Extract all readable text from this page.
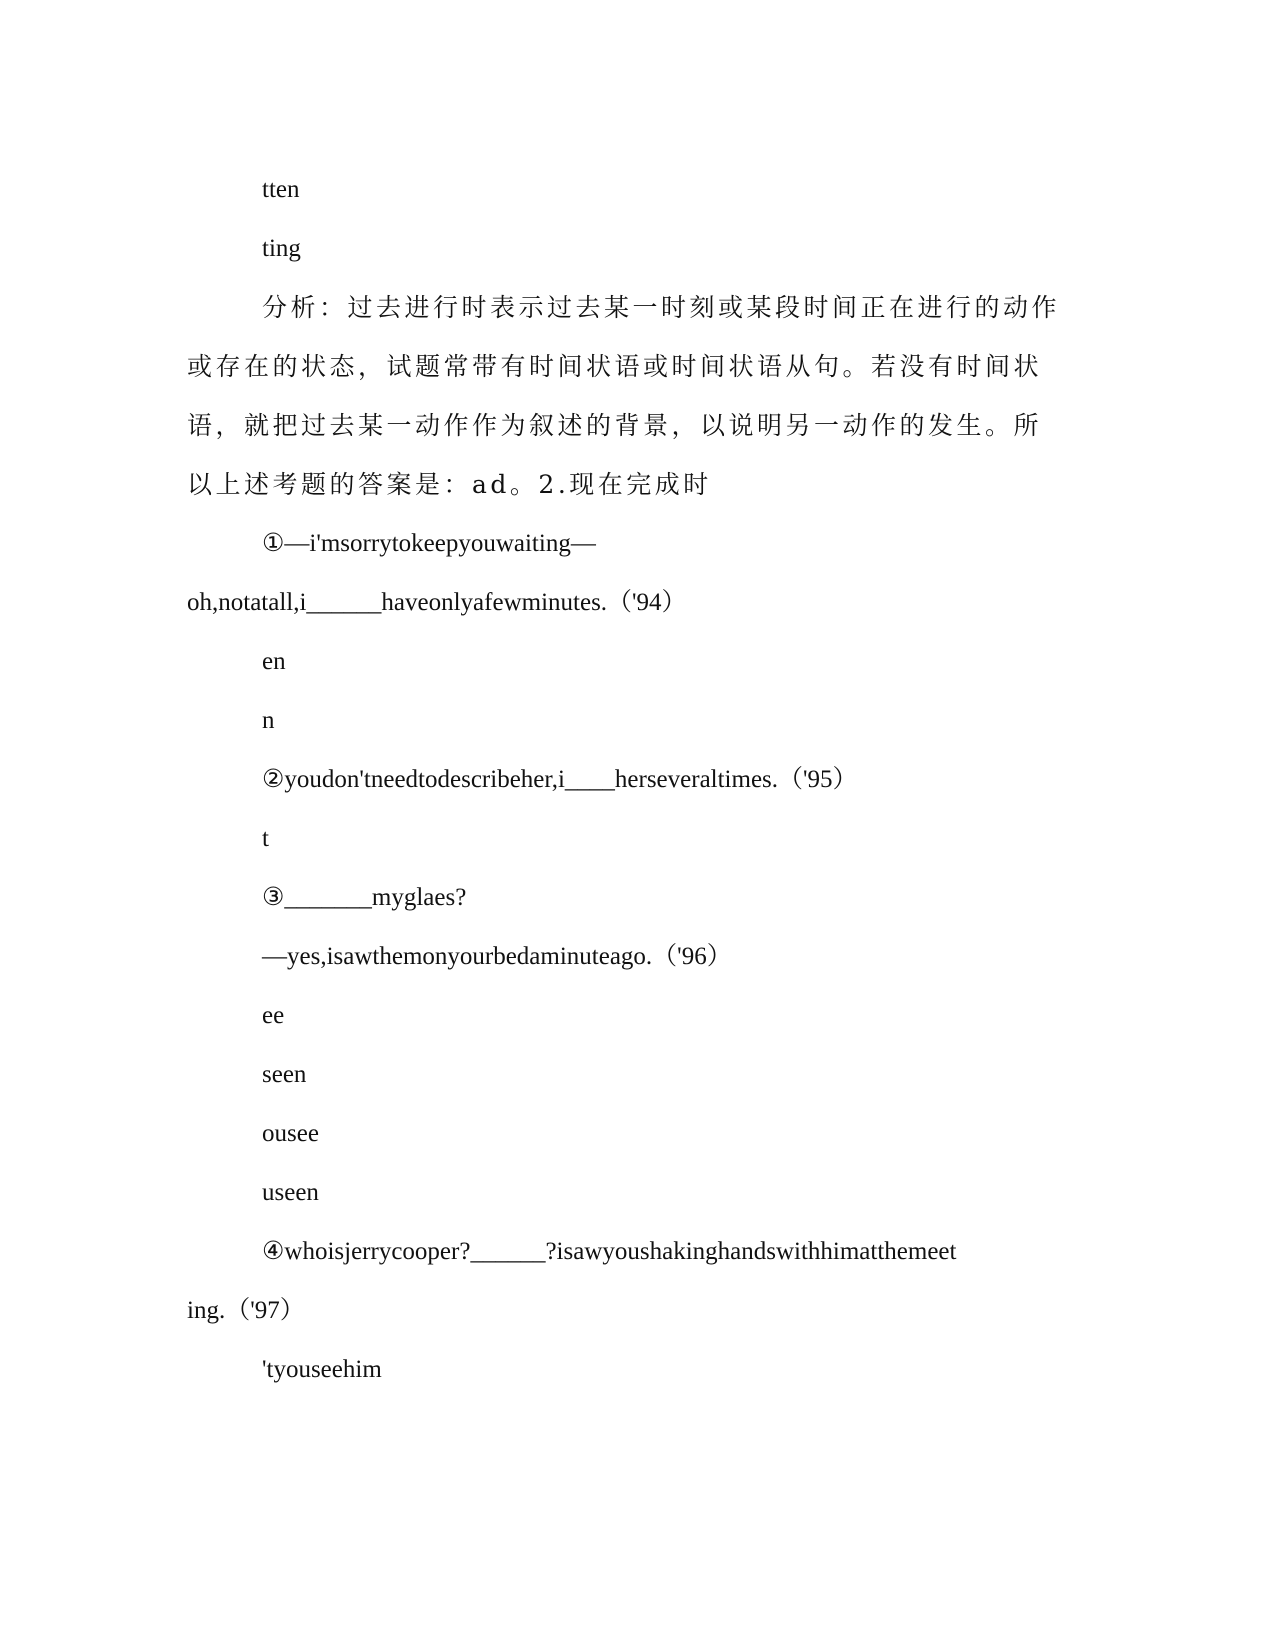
tten
ting
分析：过去进行时表示过去某一时刻或某段时间正在进行的动作
或存在的状态，试题常带有时间状语或时间状语从句。若没有时间状
语，就把过去某一动作作为叙述的背景，以说明另一动作的发生。所
以上述考题的答案是：ad。2.现在完成时
①—i'msorrytokeepyouwaiting—
oh,notatall,i______haveonlyafewminutes.（'94）
en
n
②youdon'tneedtodescribeher,i____herseveraltimes.（'95）
t
③_______myglaes?
—yes,isawthemonyourbedaminuteago.（'96）
ee
seen
ousee
useen
④whoisjerrycooper?______?isawyoushakinghandswithhimatthemeet
ing.（'97）
'tyouseehim
